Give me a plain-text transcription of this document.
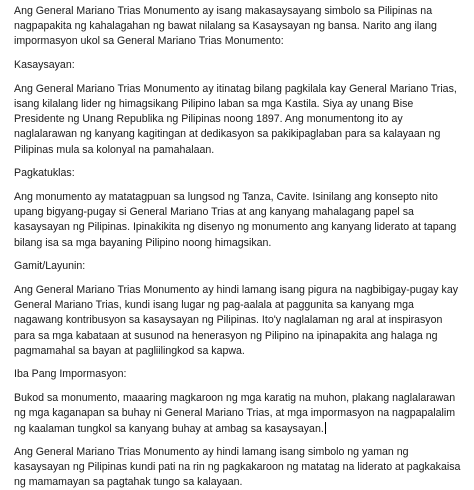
Ang General Mariano Trias Monumento ay isang makasaysayang simbolo sa Pilipinas na nagpapakita ng kahalagahan ng bawat nilalang sa Kasaysayan ng bansa. Narito ang ilang impormasyon ukol sa General Mariano Trias Monumento:

Kasaysayan:

Ang General Mariano Trias Monumento ay itinatag bilang pagkilala kay General Mariano Trias, isang kilalang lider ng himagsikang Pilipino laban sa mga Kastila. Siya ay unang Bise Presidente ng Unang Republika ng Pilipinas noong 1897. Ang monumentong ito ay naglalarawan ng kanyang kagitingan at dedikasyon sa pakikipaglaban para sa kalayaan ng Pilipinas mula sa kolonyal na pamahalaan.

Pagkatuklas:

Ang monumento ay matatagpuan sa lungsod ng Tanza, Cavite. Isinilang ang konsepto nito upang bigyang-pugay si General Mariano Trias at ang kanyang mahalagang papel sa kasaysayan ng Pilipinas. Ipinakikita ng disenyo ng monumento ang kanyang liderato at tapang bilang isa sa mga bayaning Pilipino noong himagsikan.

Gamit/Layunin:

Ang General Mariano Trias Monumento ay hindi lamang isang pigura na nagbibigay-pugay kay General Mariano Trias, kundi isang lugar ng pag-aalala at paggunita sa kanyang mga nagawang kontribusyon sa kasaysayan ng Pilipinas. Ito'y naglalaman ng aral at inspirasyon para sa mga kabataan at susunod na henerasyon ng Pilipino na ipinapakita ang halaga ng pagmamahal sa bayan at pagliilingkod sa kapwa.

Iba Pang Impormasyon:

Bukod sa monumento, maaaring magkaroon ng mga karatig na muhon, plakang naglalarawan ng mga kaganapan sa buhay ni General Mariano Trias, at mga impormasyon na nagpapalalim ng kaalaman tungkol sa kanyang buhay at ambag sa kasaysayan.

Ang General Mariano Trias Monumento ay hindi lamang isang simbolo ng yaman ng kasaysayan ng Pilipinas kundi pati na rin ng pagkakaroon ng matatag na liderato at pagkakaisa ng mamamayan sa pagtahak tungo sa kalayaan.
